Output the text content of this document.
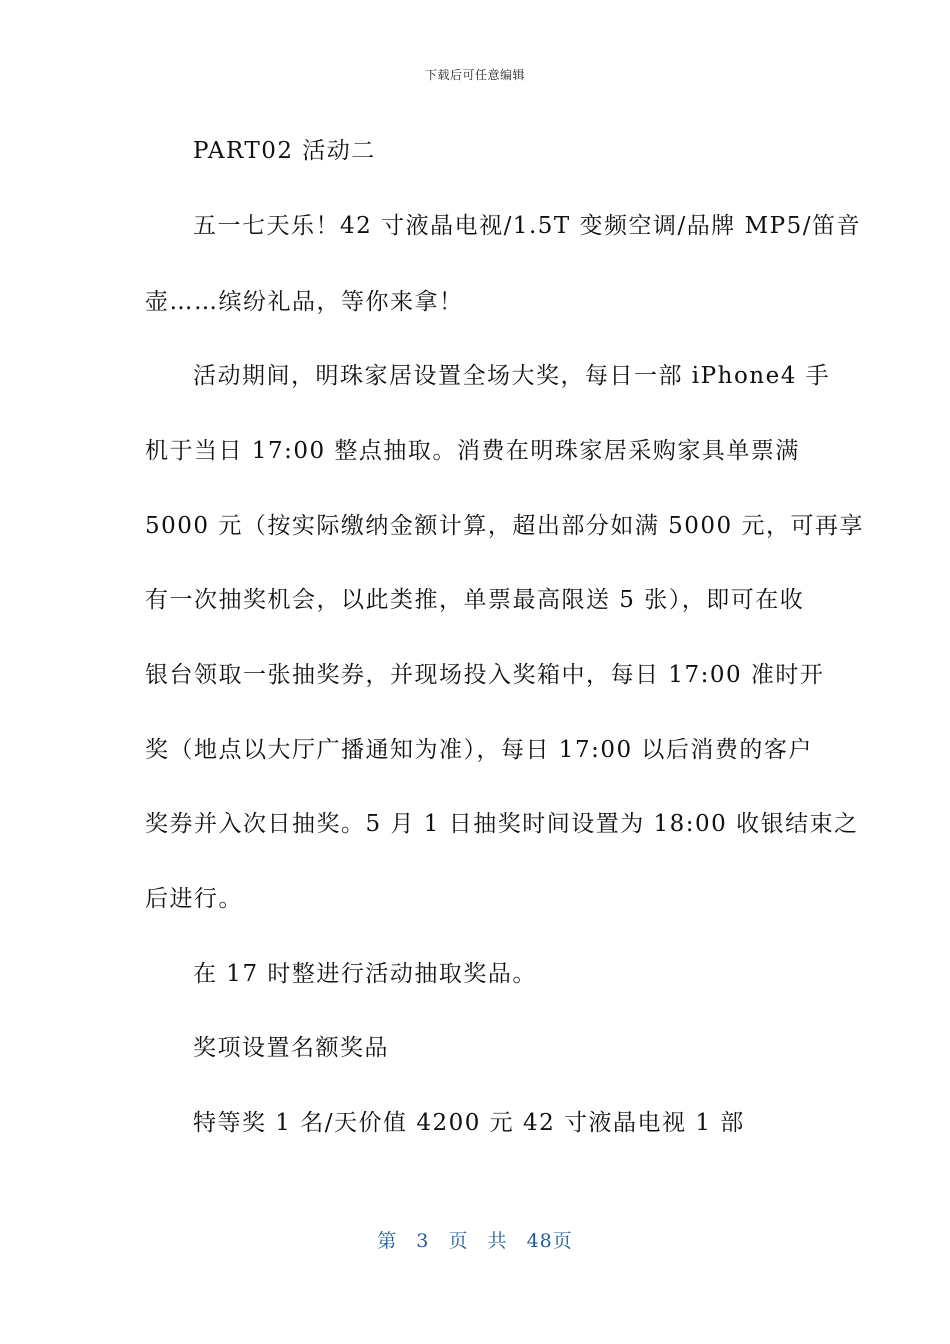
下载后可任意编辑
PART02 活动二
五一七天乐！42 寸液晶电视/1.5T 变频空调/品牌 MP5/笛音
壶……缤纷礼品，等你来拿！
活动期间，明珠家居设置全场大奖，每日一部 iPhone4 手
机于当日 17:00 整点抽取。消费在明珠家居采购家具单票满
5000 元（按实际缴纳金额计算，超出部分如满 5000 元，可再享
有一次抽奖机会，以此类推，单票最高限送 5 张），即可在收
银台领取一张抽奖券，并现场投入奖箱中，每日 17:00 准时开
奖（地点以大厅广播通知为准），每日 17:00 以后消费的客户
奖券并入次日抽奖。5 月 1 日抽奖时间设置为 18:00 收银结束之
后进行。
在 17 时整进行活动抽取奖品。
奖项设置名额奖品
特等奖 1 名/天价值 4200 元 42 寸液晶电视 1 部
第 3 页 共 48页
